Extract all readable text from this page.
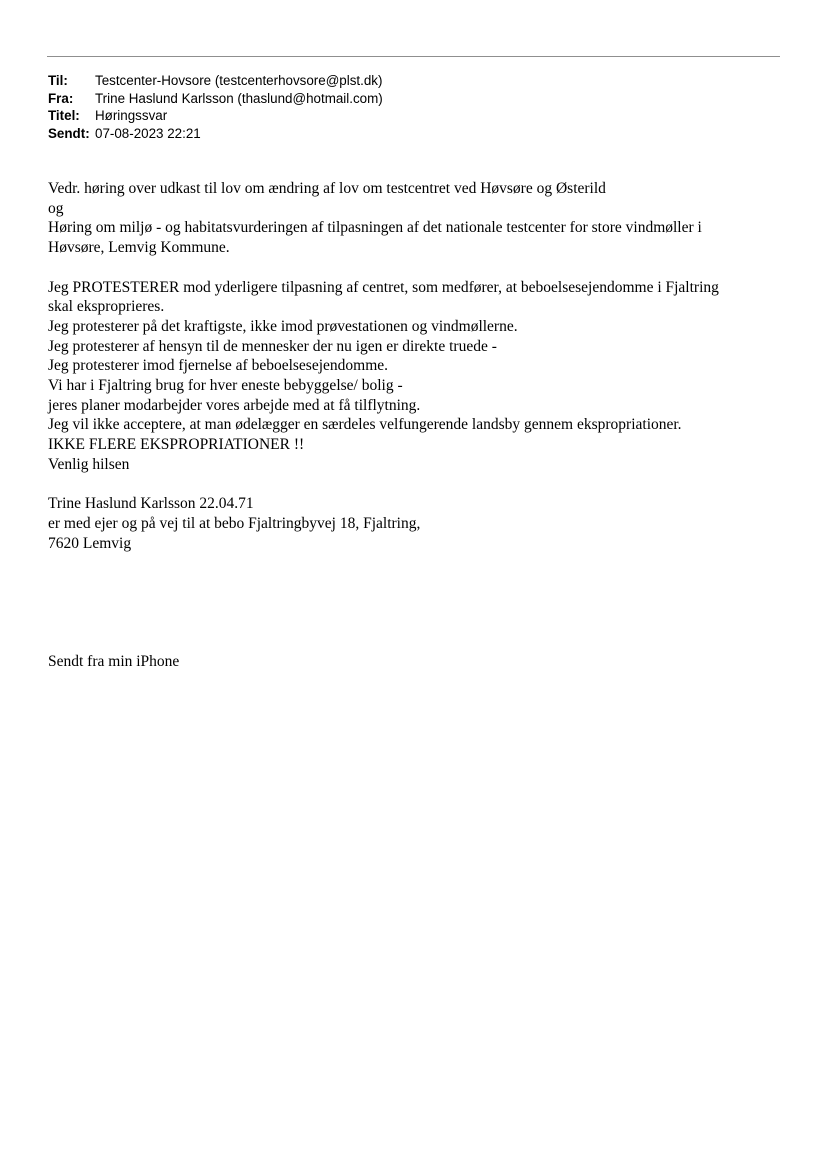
Til:	Testcenter-Hovsore (testcenterhovsore@plst.dk)
Fra:	Trine Haslund Karlsson (thaslund@hotmail.com)
Titel:	Høringssvar
Sendt: 07-08-2023 22:21
Vedr. høring over udkast til lov om ændring af lov om testcentret ved Høvsøre og Østerild
og
Høring om miljø - og habitatsvurderingen af tilpasningen af det nationale testcenter for store vindmøller i
Høvsøre, Lemvig Kommune.
Jeg PROTESTERER mod yderligere tilpasning af centret, som medfører, at beboelsesejendomme i Fjaltring
skal eksproprieres.
Jeg protesterer på det kraftigste, ikke imod prøvestationen og vindmøllerne.
Jeg protesterer af hensyn til de mennesker der nu igen er direkte truede -
Jeg protesterer imod fjernelse af beboelsesejendomme.
Vi har i Fjaltring brug for hver eneste bebyggelse/ bolig -
jeres planer modarbejder vores arbejde med at få tilflytning.
Jeg vil ikke acceptere, at man ødelægger en særdeles velfungerende landsby gennem ekspropriationer.
IKKE FLERE EKSPROPRIATIONER !!
Venlig hilsen
Trine Haslund Karlsson 22.04.71
er med ejer og på vej til at bebo Fjaltringbyvej 18, Fjaltring,
7620 Lemvig
Sendt fra min iPhone
